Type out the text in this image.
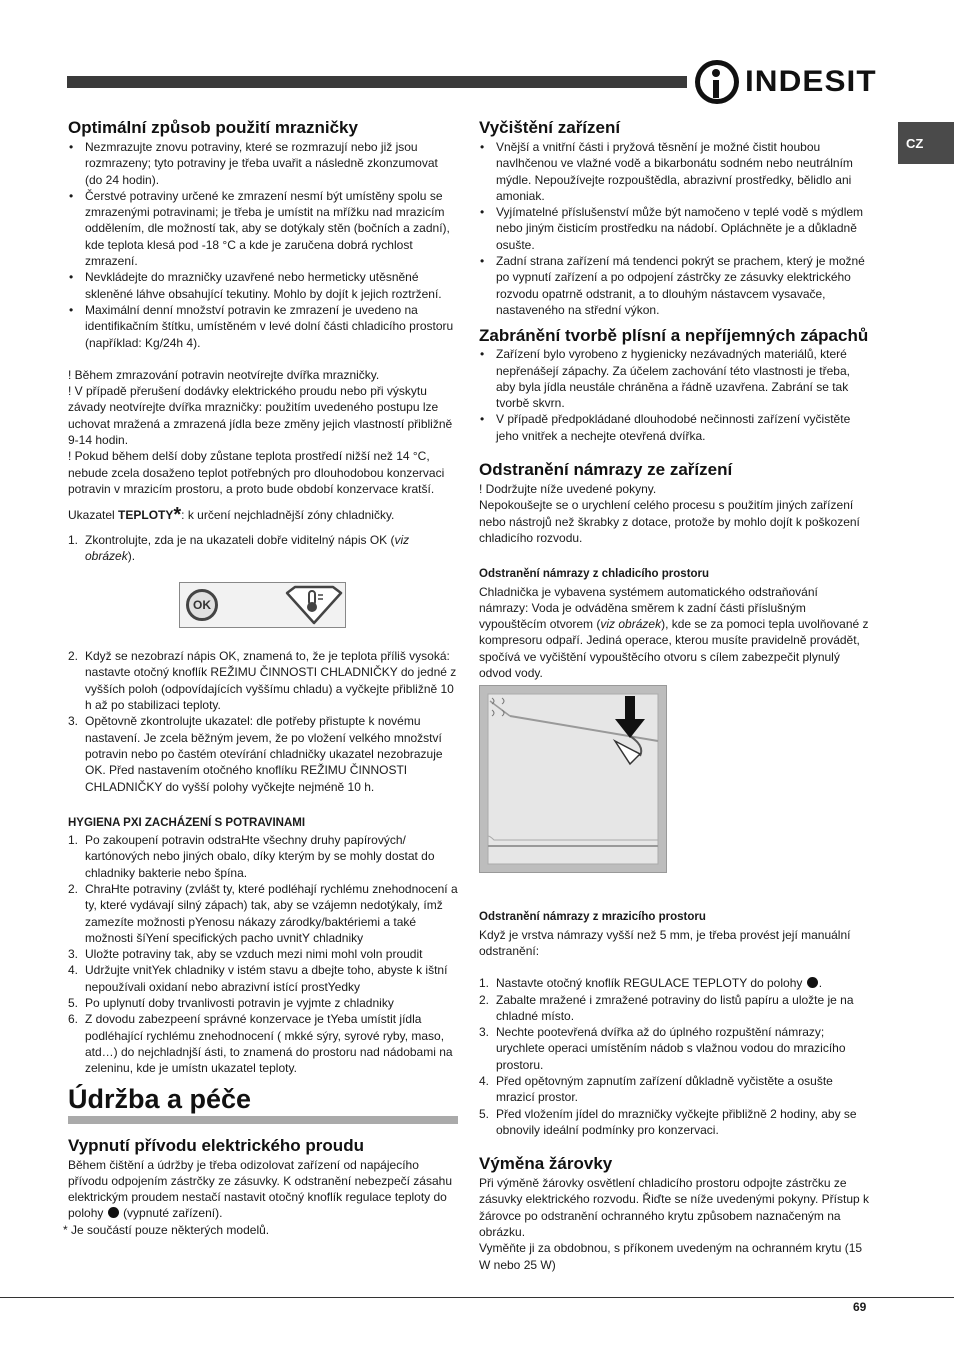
INDESIT
CZ
Optimální způsob použití mrazničky
• Nezmrazujte znovu potraviny, které se rozmrazují nebo již jsou rozmrazeny; tyto potraviny je třeba uvařit a následně zkonzumovat (do 24 hodin).
• Čerstvé potraviny určené ke zmrazení nesmí být umístěny spolu se zmrazenými potravinami; je třeba je umístit na mřížku nad mrazicím oddělením, dle možností tak, aby se dotýkaly stěn (bočních a zadní), kde teplota klesá pod -18 °C a kde je zaručena dobrá rychlost zmrazení.
• Nevkládejte do mrazničky uzavřené nebo hermeticky utěsněné skleněné láhve obsahující tekutiny. Mohlo by dojít k jejich roztržení.
• Maximální denní množství potravin ke zmrazení je uvedeno na identifikačním štítku, umístěném v levé dolní části chladicího prostoru (například: Kg/24h 4).
! Během zmrazování potravin neotvírejte dvířka mrazničky.
! V případě přerušení dodávky elektrického proudu nebo při výskytu závady neotvírejte dvířka mrazničky: použitím uvedeného postupu lze uchovat mražená a zmrazená jídla beze změny jejich vlastností přibližně 9-14 hodin.
! Pokud během delší doby zůstane teplota prostředí nižší než 14 °C, nebude zcela dosaženo teplot potřebných pro dlouhodobou konzervaci potravin v mrazicím prostoru, a proto bude období konzervace kratší.
Ukazatel TEPLOTY*: k určení nejchladnější zóny chladničky.
1. Zkontrolujte, zda je na ukazateli dobře viditelný nápis OK (viz obrázek).
OK
2. Když se nezobrazí nápis OK, znamená to, že je teplota příliš vysoká: nastavte otočný knoflík REŽIMU ČINNOSTI CHLADNIČKY do jedné z vyšších poloh (odpovídajících vyššímu chladu) a vyčkejte přibližně 10 h až po stabilizaci teploty.
3. Opětovně zkontrolujte ukazatel: dle potřeby přistupte k novému nastavení. Je zcela běžným jevem, že po vložení velkého množství potravin nebo po častém otevírání chladničky ukazatel nezobrazuje OK. Před nastavením otočného knoflíku REŽIMU ČINNOSTI CHLADNIČKY do vyšší polohy vyčkejte nejméně 10 h.
HYGIENA PXI ZACHÁZENÍ S POTRAVINAMI
1. Po zakoupení potravin odstraHte všechny druhy papírových/ kartónových nebo jiných obalo, díky kterým by se mohly dostat do chladniky bakterie nebo špína.
2. ChraHte potraviny (zvlášt ty, které podléhají rychlému znehodnocení a ty, které vydávají silný zápach) tak, aby se vzájemn nedotýkaly, ímž zamezíte možnosti pYenosu nákazy zárodky/baktériemi a také možnosti šíYení specifických pacho uvnitY chladniky
3. Uložte potraviny tak, aby se vzduch mezi nimi mohl voln proudit
4. Udržujte vnitYek chladniky v istém stavu a dbejte toho, abyste k ištní nepoužívali oxidaní nebo abrazivní istící prostYedky
5. Po uplynutí doby trvanlivosti potravin je vyjmte z chladniky
6. Z dovodu zabezpeení správné konzervace je tYeba umístit jídla podléhající rychlému znehodnocení ( mkké sýry, syrové ryby, maso, atd…) do nejchladnjší ásti, to znamená do prostoru nad nádobami na zeleninu, kde je umístn ukazatel teploty.
Údržba a péče
Vypnutí přívodu elektrického proudu
Během čištění a údržby je třeba odizolovat zařízení od napájecího přívodu odpojením zástrčky ze zásuvky. K odstranění nebezpečí zásahu elektrickým proudem nestačí nastavit otočný knoflík regulace teploty do polohy (vypnuté zařízení).
* Je součástí pouze některých modelů.
Vyčištění zařízení
• Vnější a vnitřní části i pryžová těsnění je možné čistit houbou navlhčenou ve vlažné vodě a bikarbonátu sodném nebo neutrálním mýdle. Nepoužívejte rozpouštědla, abrazivní prostředky, bělidlo ani amoniak.
• Vyjímatelné příslušenství může být namočeno v teplé vodě s mýdlem nebo jiným čisticím prostředku na nádobí. Opláchněte je a důkladně osušte.
• Zadní strana zařízení má tendenci pokrýt se prachem, který je možné po vypnutí zařízení a po odpojení zástrčky ze zásuvky elektrického rozvodu opatrně odstranit, a to dlouhým nástavcem vysavače, nastaveného na střední výkon.
Zabránění tvorbě plísní a nepříjemných zápachů
• Zařízení bylo vyrobeno z hygienicky nezávadných materiálů, které nepřenášejí zápachy. Za účelem zachování této vlastnosti je třeba, aby byla jídla neustále chráněna a řádně uzavřena. Zabrání se tak tvorbě skvrn.
• V případě předpokládané dlouhodobé nečinnosti zařízení vyčistěte jeho vnitřek a nechejte otevřená dvířka.
Odstranění námrazy ze zařízení
! Dodržujte níže uvedené pokyny.
Nepokoušejte se o urychlení celého procesu s použitím jiných zařízení nebo nástrojů než škrabky z dotace, protože by mohlo dojít k poškození chladicího rozvodu.
Odstranění námrazy z chladicího prostoru
Chladnička je vybavena systémem automatického odstraňování námrazy: Voda je odváděna směrem k zadní části příslušným vypouštěcím otvorem (viz obrázek), kde se za pomoci tepla uvolňované z kompresoru odpaří. Jediná operace, kterou musíte pravidelně provádět, spočívá ve vyčištění vypouštěcího otvoru s cílem zabezpečit plynulý odvod vody.
Odstranění námrazy z mrazicího prostoru
Když je vrstva námrazy vyšší než 5 mm, je třeba provést její manuální odstranění:
1. Nastavte otočný knoflík REGULACE TEPLOTY do polohy .
2. Zabalte mražené i zmražené potraviny do listů papíru a uložte je na chladné místo.
3. Nechte pootevřená dvířka až do úplného rozpuštění námrazy; urychlete operaci umístěním nádob s vlažnou vodou do mrazicího prostoru.
4. Před opětovným zapnutím zařízení důkladně vyčistěte a osušte mrazicí prostor.
5. Před vložením jídel do mrazničky vyčkejte přibližně 2 hodiny, aby se obnovily ideální podmínky pro konzervaci.
Výměna žárovky
Při výměně žárovky osvětlení chladicího prostoru odpojte zástrčku ze zásuvky elektrického rozvodu. Řiďte se níže uvedenými pokyny. Přístup k žárovce po odstranění ochranného krytu způsobem naznačeným na obrázku.
Vyměňte ji za obdobnou, s příkonem uvedeným na ochranném krytu (15 W nebo 25 W)
69
